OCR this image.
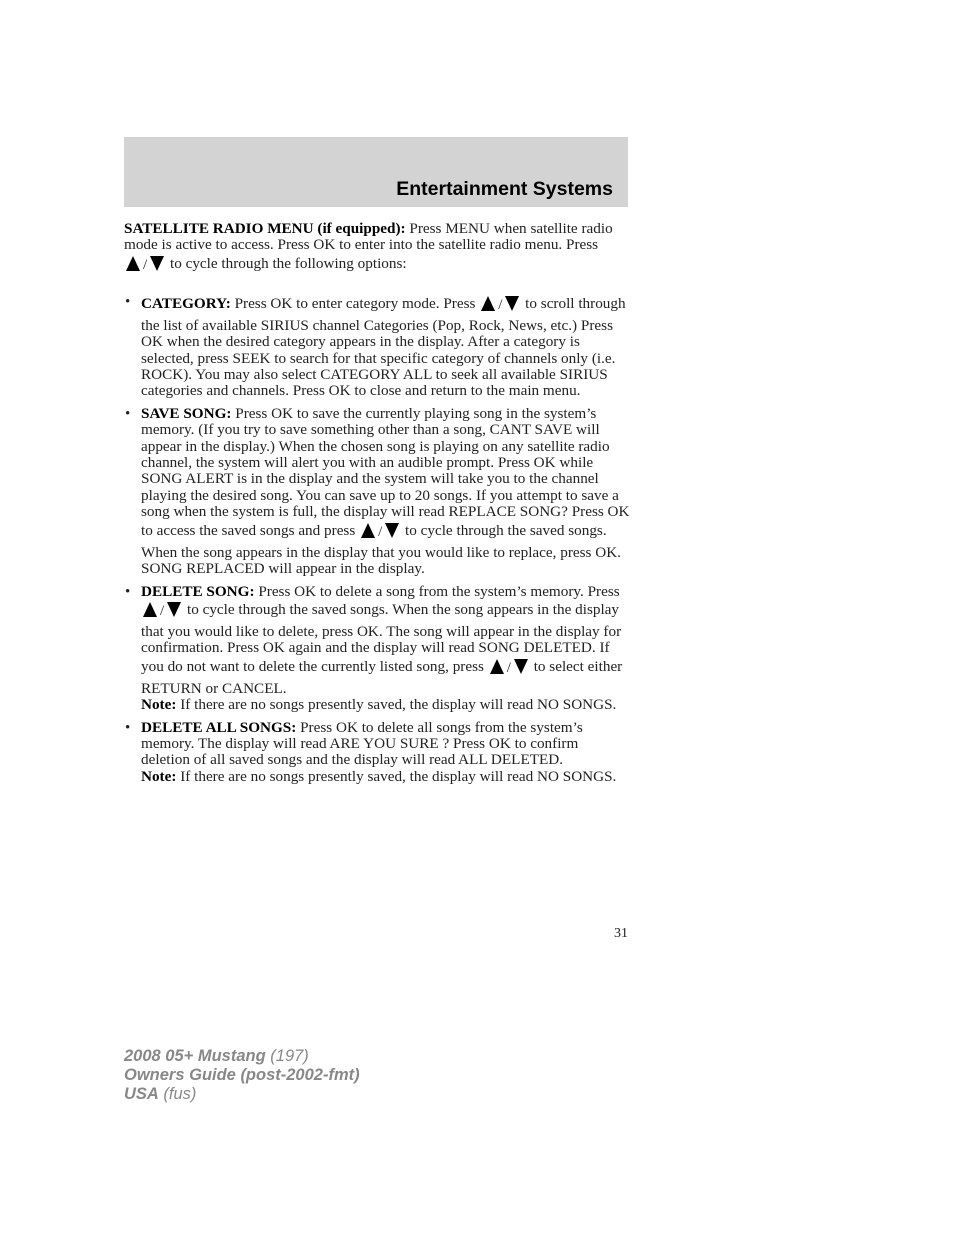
Entertainment Systems

SATELLITE RADIO MENU (if equipped): Press MENU when satellite radio mode is active to access. Press OK to enter into the satellite radio menu. Press / to cycle through the following options:

• CATEGORY: Press OK to enter category mode. Press / to scroll through the list of available SIRIUS channel Categories (Pop, Rock, News, etc.) Press OK when the desired category appears in the display. After a category is selected, press SEEK to search for that specific category of channels only (i.e. ROCK). You may also select CATEGORY ALL to seek all available SIRIUS categories and channels. Press OK to close and return to the main menu.
• SAVE SONG: Press OK to save the currently playing song in the system’s memory. (If you try to save something other than a song, CANT SAVE will appear in the display.) When the chosen song is playing on any satellite radio channel, the system will alert you with an audible prompt. Press OK while SONG ALERT is in the display and the system will take you to the channel playing the desired song. You can save up to 20 songs. If you attempt to save a song when the system is full, the display will read REPLACE SONG? Press OK to access the saved songs and press / to cycle through the saved songs. When the song appears in the display that you would like to replace, press OK. SONG REPLACED will appear in the display.
• DELETE SONG: Press OK to delete a song from the system’s memory. Press / to cycle through the saved songs. When the song appears in the display that you would like to delete, press OK. The song will appear in the display for confirmation. Press OK again and the display will read SONG DELETED. If you do not want to delete the currently listed song, press / to select either RETURN or CANCEL.
Note: If there are no songs presently saved, the display will read NO SONGS.
• DELETE ALL SONGS: Press OK to delete all songs from the system’s memory. The display will read ARE YOU SURE ? Press OK to confirm deletion of all saved songs and the display will read ALL DELETED.
Note: If there are no songs presently saved, the display will read NO SONGS.
31
2008 05+ Mustang (197)
Owners Guide (post-2002-fmt)
USA (fus)
